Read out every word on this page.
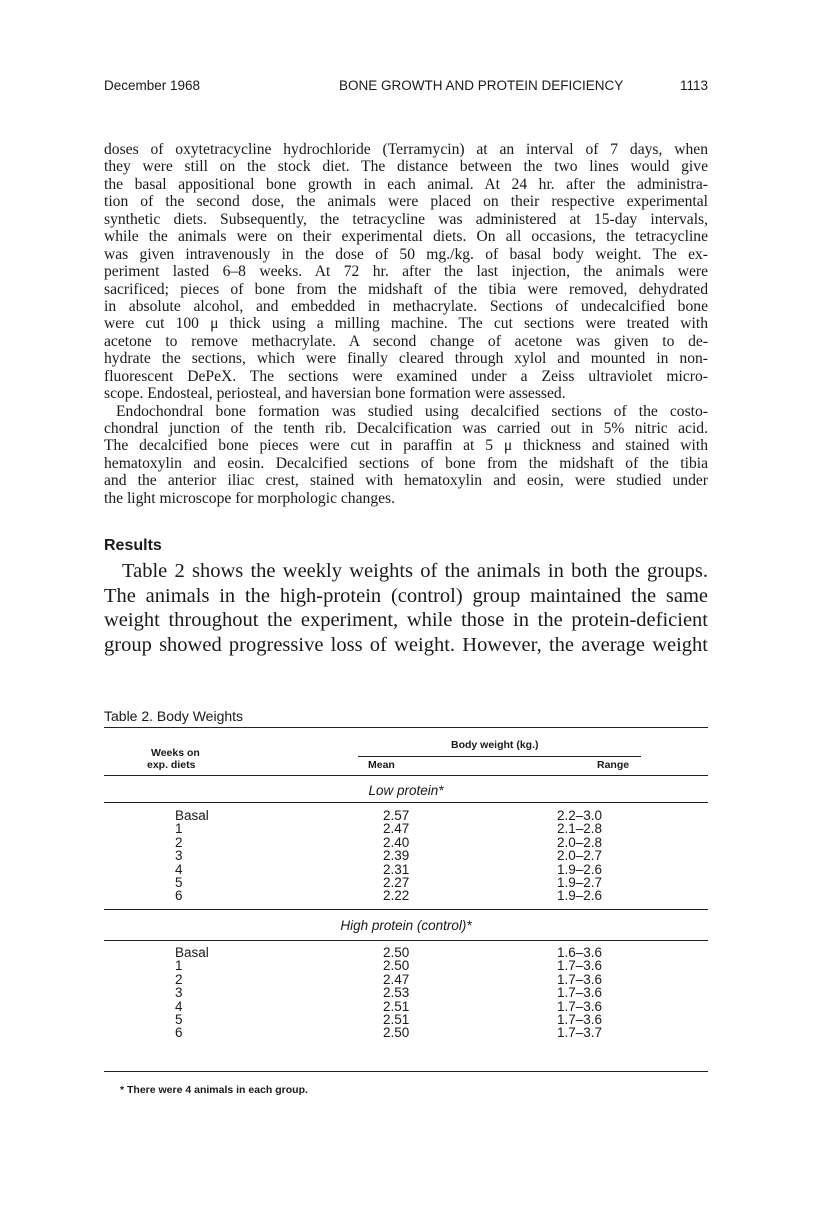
December 1968	BONE GROWTH AND PROTEIN DEFICIENCY	1113
doses of oxytetracycline hydrochloride (Terramycin) at an interval of 7 days, when
they were still on the stock diet. The distance between the two lines would give
the basal appositional bone growth in each animal. At 24 hr. after the administra-
tion of the second dose, the animals were placed on their respective experimental
synthetic diets. Subsequently, the tetracycline was administered at 15-day intervals,
while the animals were on their experimental diets. On all occasions, the tetracycline
was given intravenously in the dose of 50 mg./kg. of basal body weight. The ex-
periment lasted 6–8 weeks. At 72 hr. after the last injection, the animals were
sacrificed; pieces of bone from the midshaft of the tibia were removed, dehydrated
in absolute alcohol, and embedded in methacrylate. Sections of undecalcified bone
were cut 100 μ thick using a milling machine. The cut sections were treated with
acetone to remove methacrylate. A second change of acetone was given to de-
hydrate the sections, which were finally cleared through xylol and mounted in non-
fluorescent DePeX. The sections were examined under a Zeiss ultraviolet micro-
scope. Endosteal, periosteal, and haversian bone formation were assessed.
Endochondral bone formation was studied using decalcified sections of the costo-
chondral junction of the tenth rib. Decalcification was carried out in 5% nitric acid.
The decalcified bone pieces were cut in paraffin at 5 μ thickness and stained with
hematoxylin and eosin. Decalcified sections of bone from the midshaft of the tibia
and the anterior iliac crest, stained with hematoxylin and eosin, were studied under
the light microscope for morphologic changes.
Results
Table 2 shows the weekly weights of the animals in both the groups.
The animals in the high-protein (control) group maintained the same
weight throughout the experiment, while those in the protein-deficient
group showed progressive loss of weight. However, the average weight
Table 2. Body Weights
Body weight (kg.)
Weeks on
exp. diets	Mean	Range
Low protein*
Basal	2.57	2.2–3.0
1	2.47	2.1–2.8
2	2.40	2.0–2.8
3	2.39	2.0–2.7
4	2.31	1.9–2.6
5	2.27	1.9–2.7
6	2.22	1.9–2.6
High protein (control)*
Basal	2.50	1.6–3.6
1	2.50	1.7–3.6
2	2.47	1.7–3.6
3	2.53	1.7–3.6
4	2.51	1.7–3.6
5	2.51	1.7–3.6
6	2.50	1.7–3.7
* There were 4 animals in each group.
